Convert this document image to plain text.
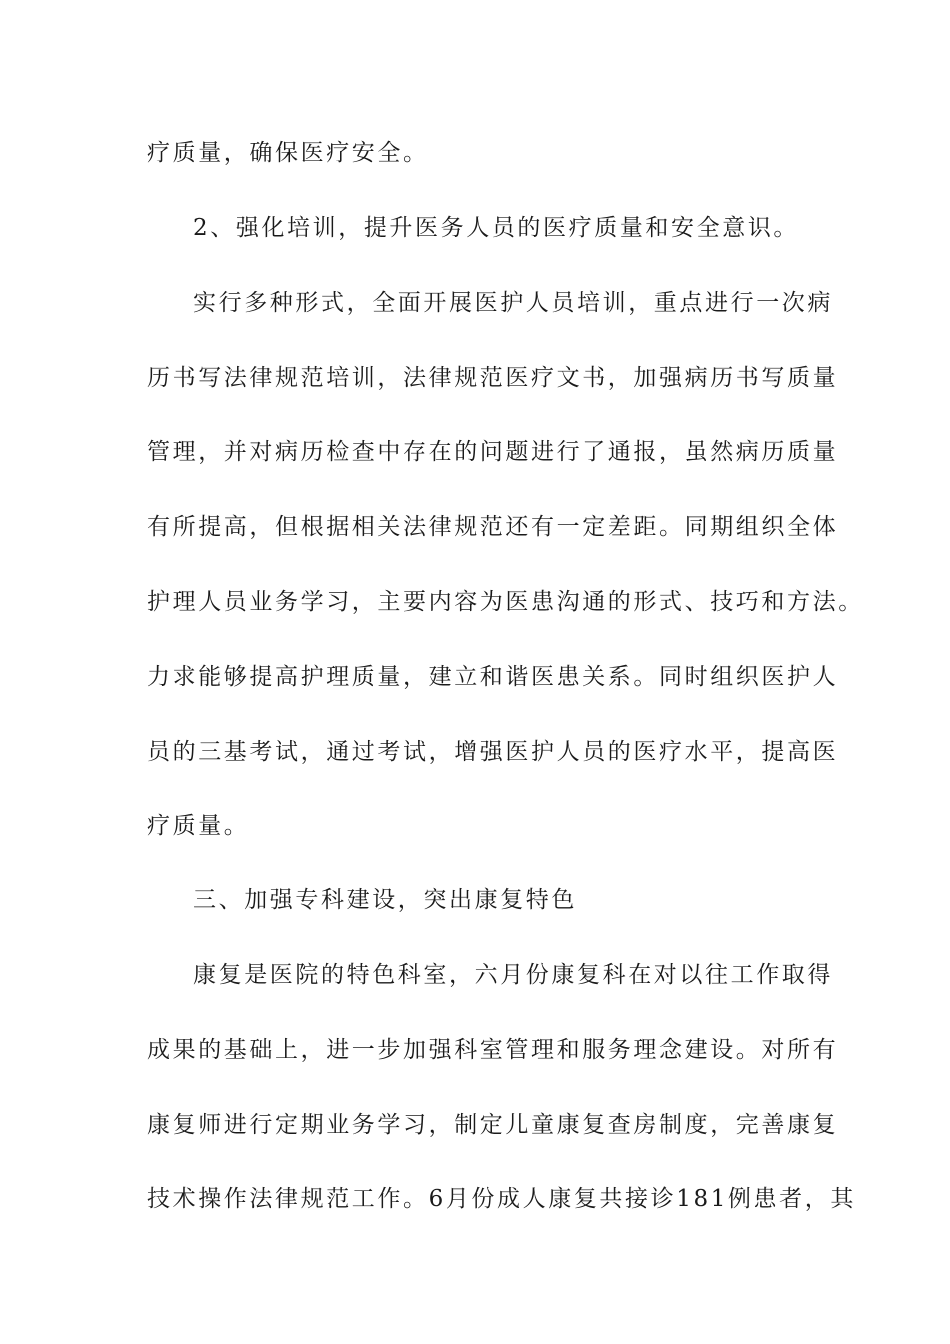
疗质量，确保医疗安全。
2、强化培训，提升医务人员的医疗质量和安全意识。
实行多种形式，全面开展医护人员培训，重点进行一次病
历书写法律规范培训，法律规范医疗文书，加强病历书写质量
管理，并对病历检查中存在的问题进行了通报，虽然病历质量
有所提高，但根据相关法律规范还有一定差距。同期组织全体
护理人员业务学习，主要内容为医患沟通的形式、技巧和方法。
力求能够提高护理质量，建立和谐医患关系。同时组织医护人
员的三基考试，通过考试，增强医护人员的医疗水平，提高医
疗质量。
三、加强专科建设，突出康复特色
康复是医院的特色科室，六月份康复科在对以往工作取得
成果的基础上，进一步加强科室管理和服务理念建设。对所有
康复师进行定期业务学习，制定儿童康复查房制度，完善康复
技术操作法律规范工作。6月份成人康复共接诊181例患者，其
